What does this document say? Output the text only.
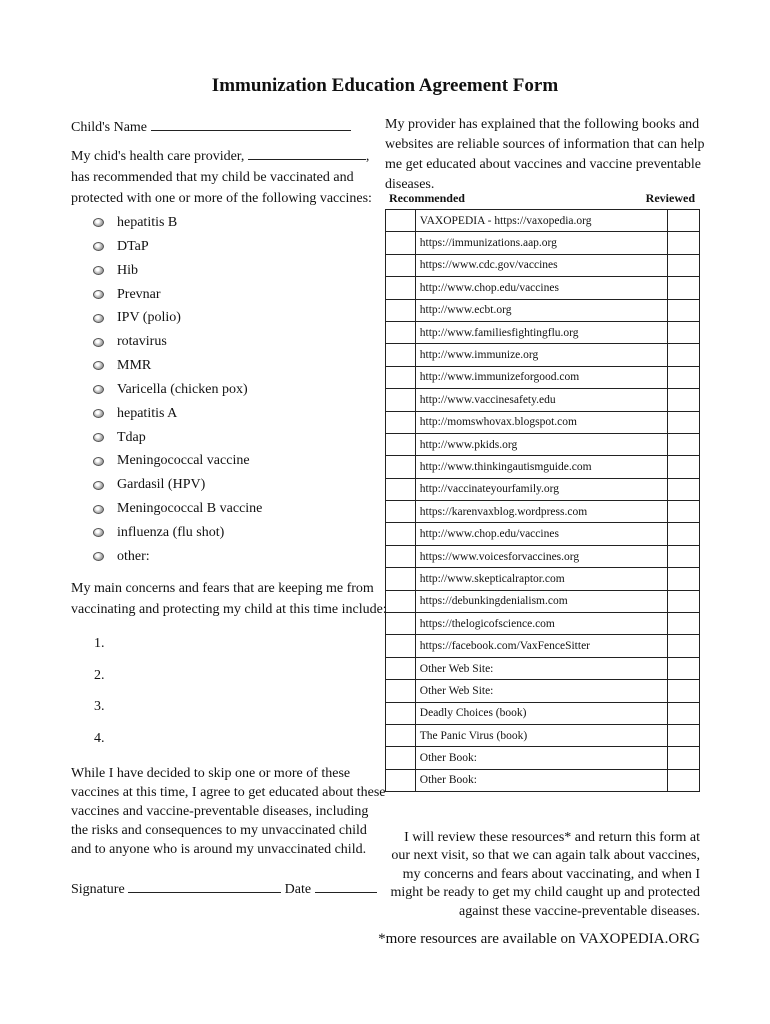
Immunization Education Agreement Form
Child's Name

My chid's health care provider,	,

has recommended that my child be vaccinated and protected with one or more of the following vaccines:

hepatitis B
DTaP
Hib
Prevnar
IPV (polio)
rotavirus
MMR
Varicella (chicken pox)
hepatitis A
Tdap
Meningococcal vaccine
Gardasil (HPV)
Meningococcal B vaccine
influenza (flu shot)
other:

My main concerns and fears that are keeping me from vaccinating and protecting my child at this time include:

1.
2.
3.
4.

While I have decided to skip one or more of these vaccines at this time, I agree to get educated about these vaccines and vaccine-preventable diseases, including the risks and consequences to my unvaccinated child and to anyone who is around my unvaccinated child.

Signature	Date

My provider has explained that the following books and websites are reliable sources of information that can help me get educated about vaccines and vaccine preventable diseases.

Recommended	Reviewed
	VAXOPEDIA - https://vaxopedia.org	
	https://immunizations.aap.org	
	https://www.cdc.gov/vaccines	
	http://www.chop.edu/vaccines	
	http://www.ecbt.org	
	http://www.familiesfightingflu.org	
	http://www.immunize.org	
	http://www.immunizeforgood.com	
	http://www.vaccinesafety.edu	
	http://momswhovax.blogspot.com	
	http://www.pkids.org	
	http://www.thinkingautismguide.com	
	http://vaccinateyourfamily.org	
	https://karenvaxblog.wordpress.com	
	http://www.chop.edu/vaccines	
	https://www.voicesforvaccines.org	
	http://www.skepticalraptor.com	
	https://debunkingdenialism.com	
	https://thelogicofscience.com	
	https://facebook.com/VaxFenceSitter	
	Other Web Site:	
	Other Web Site:	
	Deadly Choices (book)	
	The Panic Virus (book)	
	Other Book:	
	Other Book:	

I will review these resources* and return this form at our next visit, so that we can again talk about vaccines, my concerns and fears about vaccinating, and when I might be ready to get my child caught up and protected against these vaccine-preventable diseases.

*more resources are available on VAXOPEDIA.ORG
